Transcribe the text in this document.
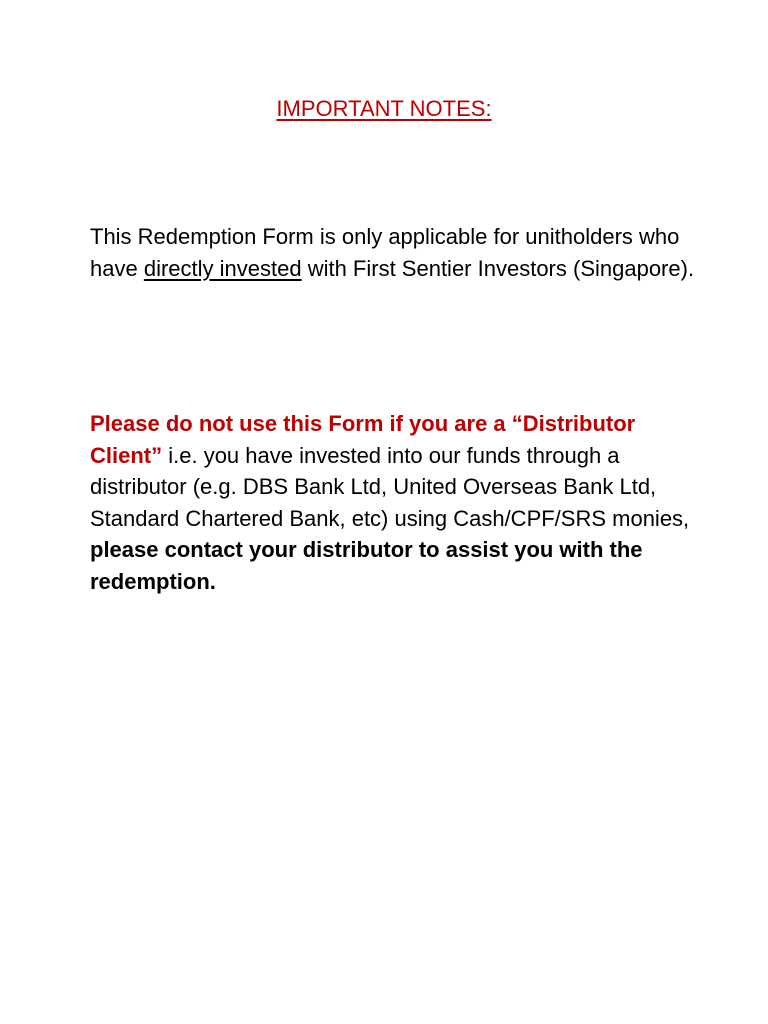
IMPORTANT NOTES:

This Redemption Form is only applicable for unitholders who have directly invested with First Sentier Investors (Singapore).

Please do not use this Form if you are a “Distributor Client” i.e. you have invested into our funds through a distributor (e.g. DBS Bank Ltd, United Overseas Bank Ltd, Standard Chartered Bank, etc) using Cash/CPF/SRS monies, please contact your distributor to assist you with the redemption.
